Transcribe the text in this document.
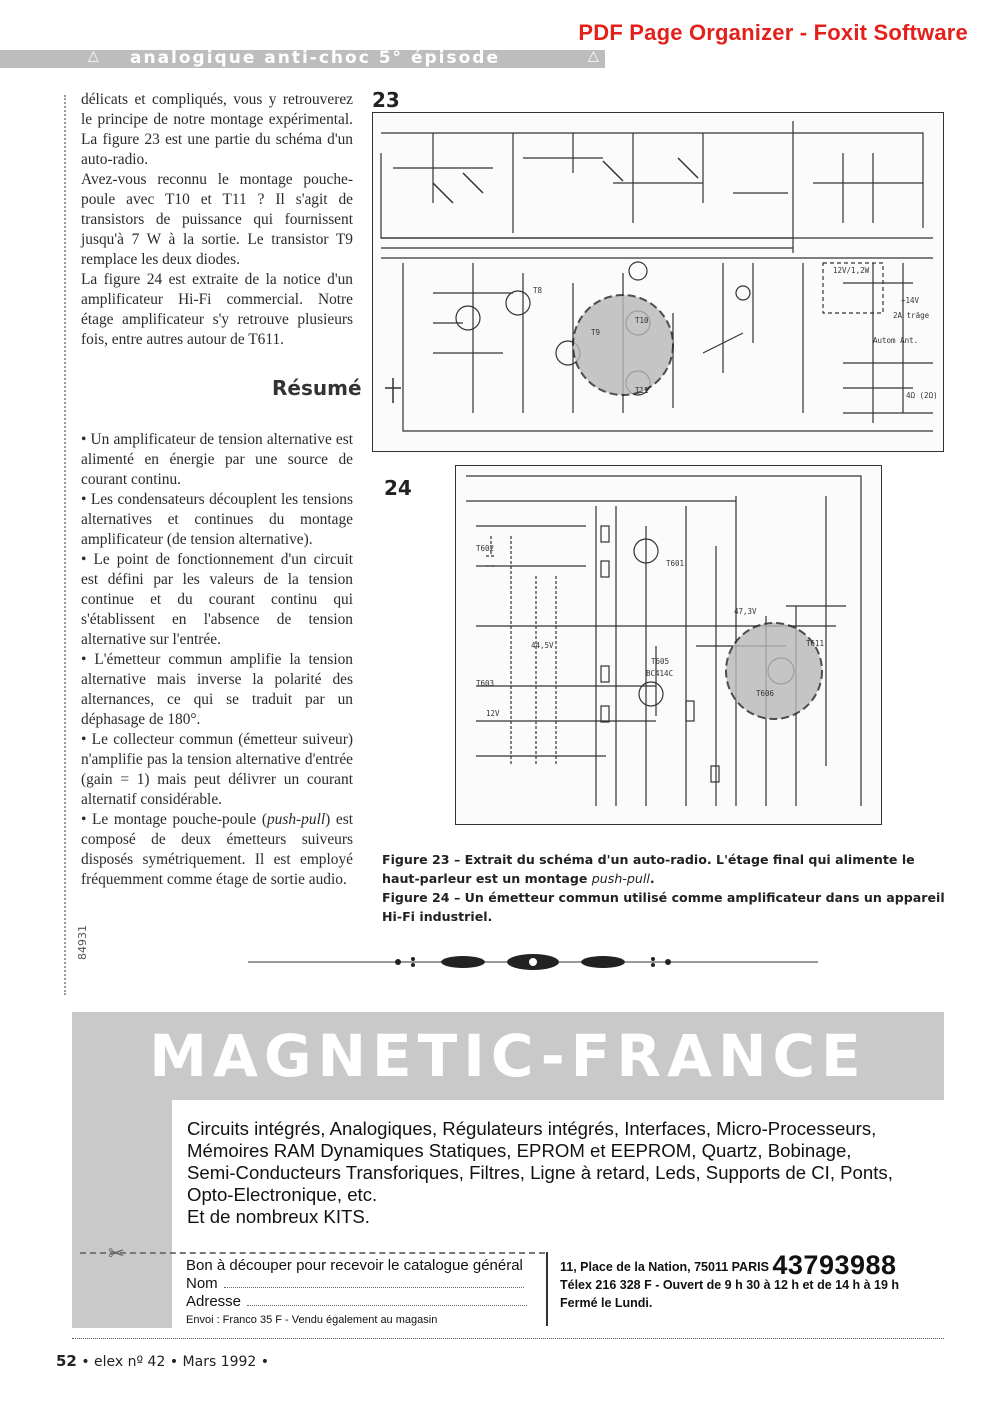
PDF Page Organizer - Foxit Software
△ analogique anti-choc 5° épisode	△

délicats et compliqués, vous y retrouverez le principe de notre montage expérimental. La figure 23 est une partie du schéma d'un auto-radio.

Avez-vous reconnu le montage pouche-poule avec T10 et T11 ? Il s'agit de transistors de puissance qui fournissent jusqu'à 7 W à la sortie. Le transistor T9 remplace les deux diodes.

La figure 24 est extraite de la notice d'un amplificateur Hi-Fi commercial. Notre étage amplificateur s'y retrouve plusieurs fois, entre autres autour de T611.

Résumé

• Un amplificateur de tension alternative est alimenté en énergie par une source de courant continu.

• Les condensateurs découplent les tensions alternatives et continues du montage amplificateur (de tension alternative).

• Le point de fonctionnement d'un circuit est défini par les valeurs de la tension continue et du courant continu qui s'établissent en l'absence de tension alternative sur l'entrée.

• L'émetteur commun amplifie la tension alternative mais inverse la polarité des alternances, ce qui se traduit par un déphasage de 180°.

• Le collecteur commun (émetteur suiveur) n'amplifie pas la tension alternative d'entrée (gain = 1) mais peut délivrer un courant alternatif considérable.

• Le montage pouche-poule (push-pull) est composé de deux émetteurs suiveurs disposés symétriquement. Il est employé fréquemment comme étage de sortie audio.

84931
23
T8
T9
T10
T11
12V/1,2W
4Ω (2Ω)
+14V
2A träge
Autom Ant.
24
T601
T602
T603
T605
T606
T611
BC414C
12V
47,3V
44,5V

Figure 23 – Extrait du schéma d'un auto-radio. L'étage final qui alimente le haut-parleur est un montage push-pull.

Figure 24 – Un émetteur commun utilisé comme amplificateur dans un appareil Hi-Fi industriel.

MAGNETIC-FRANCE
Circuits intégrés, Analogiques, Régulateurs intégrés, Interfaces, Micro-Processeurs,
Mémoires RAM Dynamiques Statiques, EPROM et EEPROM, Quartz, Bobinage,
Semi-Conducteurs Transforiques, Filtres, Ligne à retard, Leds, Supports de CI, Ponts,
Opto-Electronique, etc.
Et de nombreux KITS.
✂
Bon à découper pour recevoir le catalogue général
Nom
Adresse
Envoi : Franco 35 F - Vendu également au magasin
11, Place de la Nation, 75011 PARIS 43793988
Télex 216 328 F - Ouvert de 9 h 30 à 12 h et de 14 h à 19 h
Fermé le Lundi.
52 • elex nº 42 • Mars 1992 •
